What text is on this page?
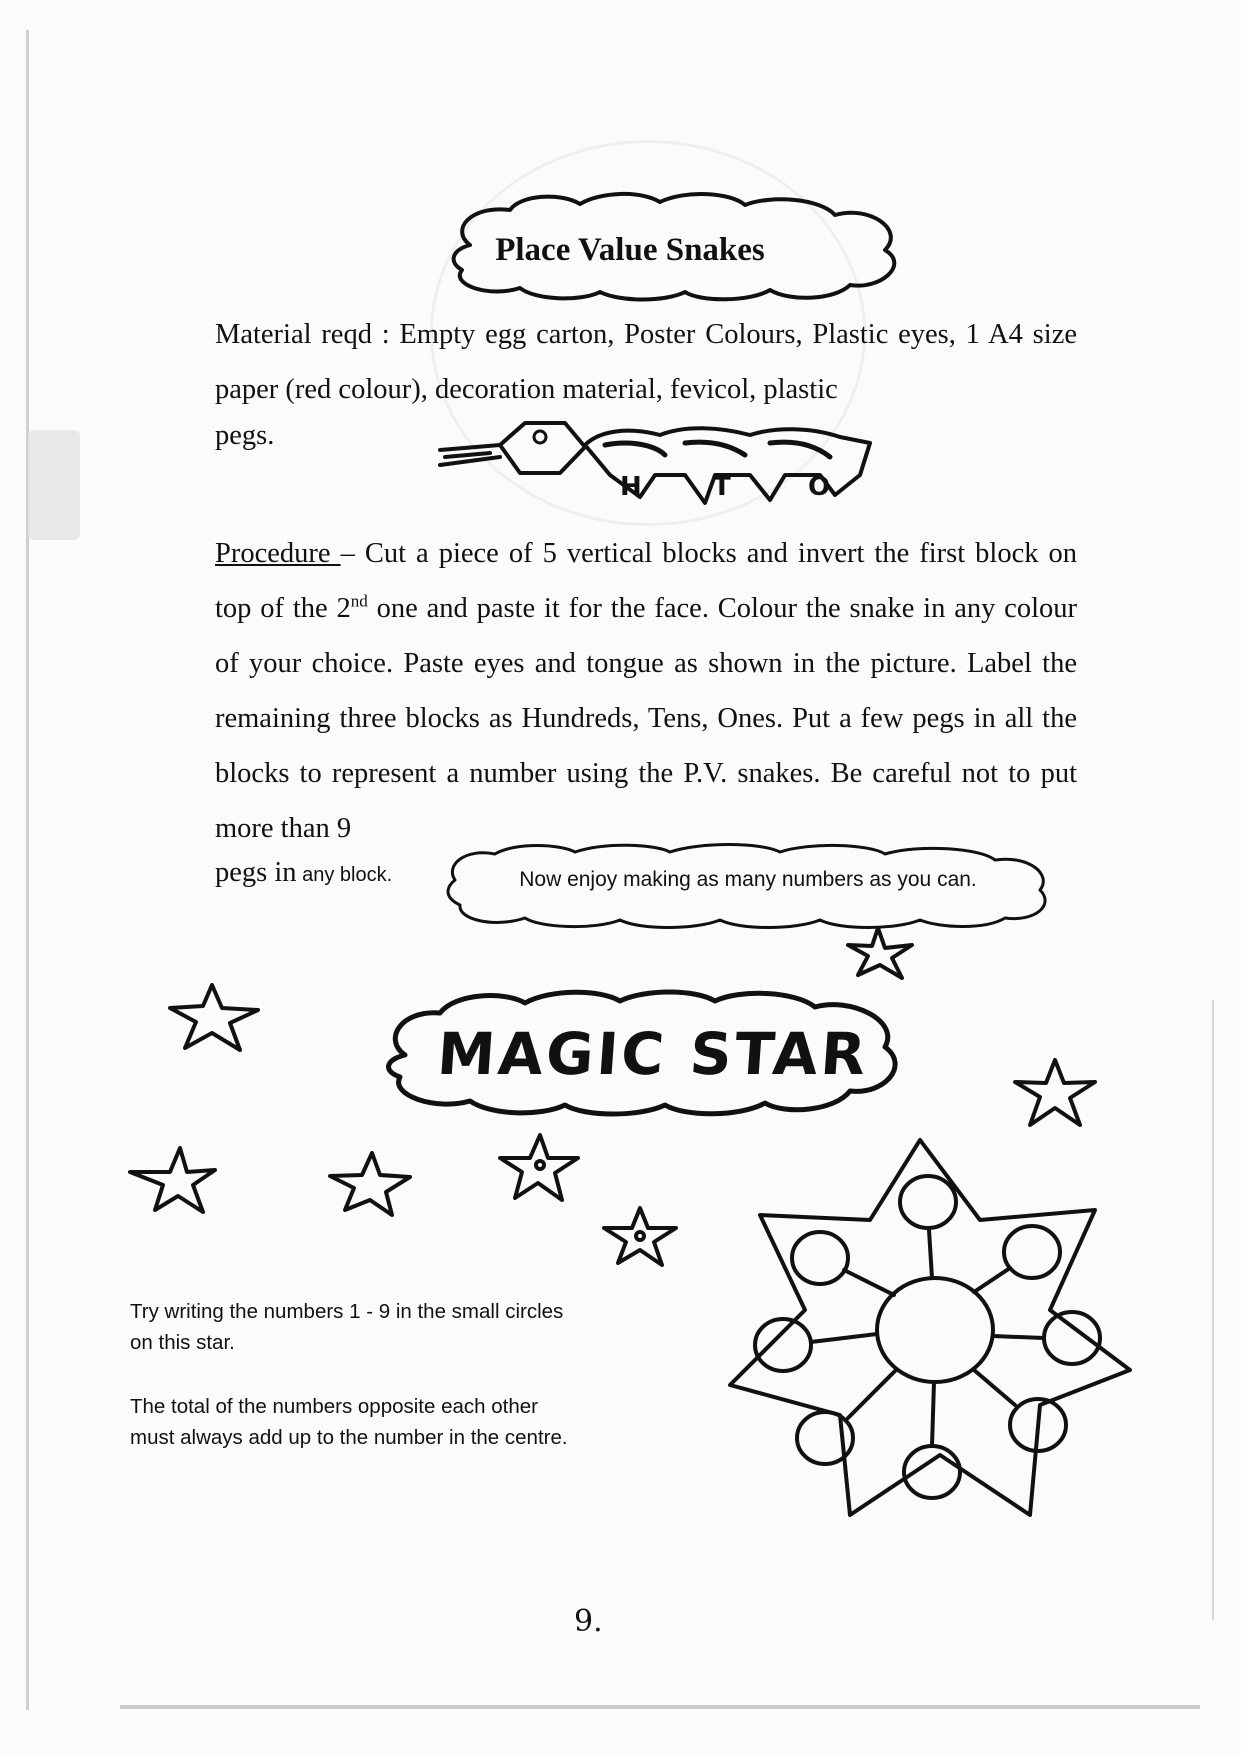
Place Value Snakes
Material reqd : Empty egg carton, Poster Colours, Plastic eyes, 1 A4 size paper (red colour), decoration material, fevicol, plastic
pegs.
H	T	O
Procedure – Cut a piece of 5 vertical blocks and invert the first block on top of the 2nd one and paste it for the face. Colour the snake in any colour of your choice. Paste eyes and tongue as shown in the picture. Label the remaining three blocks as Hundreds, Tens, Ones. Put a few pegs in all the blocks to represent a number using the P.V. snakes. Be careful not to put more than 9
pegs in any block.	Now enjoy making as many numbers as you can.
MAGIC STAR
Try writing the numbers 1 - 9 in the small circles on this star.
The total of the numbers opposite each other must always add up to the number in the centre.
9.
